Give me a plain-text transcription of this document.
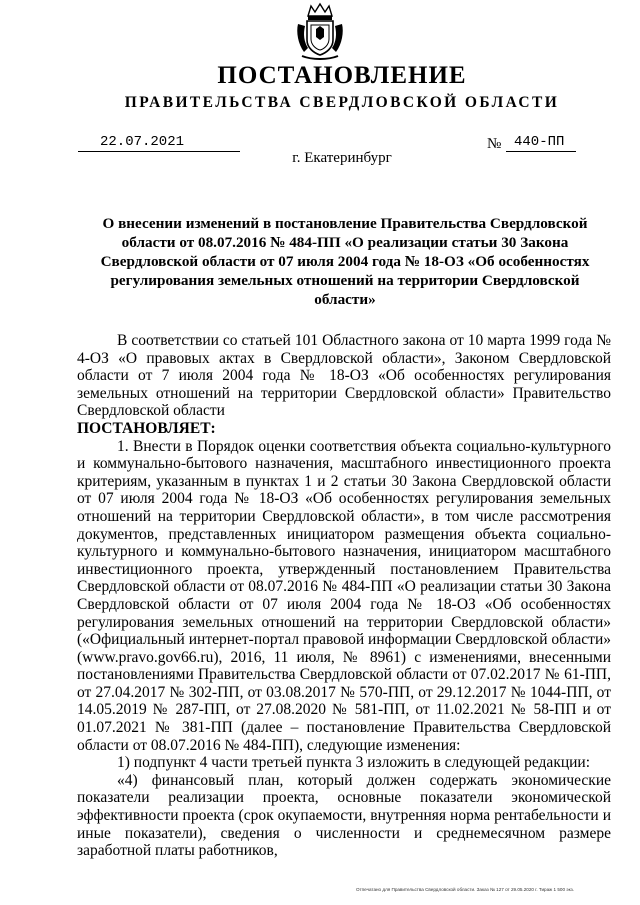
ПОСТАНОВЛЕНИЕ
ПРАВИТЕЛЬСТВА СВЕРДЛОВСКОЙ ОБЛАСТИ
22.07.2021	№ 440-ПП
г. Екатеринбург
О внесении изменений в постановление Правительства Свердловской области от 08.07.2016 № 484-ПП «О реализации статьи 30 Закона Свердловской области от 07 июля 2004 года № 18-ОЗ «Об особенностях регулирования земельных отношений на территории Свердловской области»

В соответствии со статьей 101 Областного закона от 10 марта 1999 года № 4-ОЗ «О правовых актах в Свердловской области», Законом Свердловской области от 7 июля 2004 года № 18-ОЗ «Об особенностях регулирования земельных отношений на территории Свердловской области» Правительство Свердловской области

ПОСТАНОВЛЯЕТ:

1. Внести в Порядок оценки соответствия объекта социально-культурного и коммунально-бытового назначения, масштабного инвестиционного проекта критериям, указанным в пунктах 1 и 2 статьи 30 Закона Свердловской области от 07 июля 2004 года № 18-ОЗ «Об особенностях регулирования земельных отношений на территории Свердловской области», в том числе рассмотрения документов, представленных инициатором размещения объекта социально-культурного и коммунально-бытового назначения, инициатором масштабного инвестиционного проекта, утвержденный постановлением Правительства Свердловской области от 08.07.2016 № 484-ПП «О реализации статьи 30 Закона Свердловской области от 07 июля 2004 года № 18-ОЗ «Об особенностях регулирования земельных отношений на территории Свердловской области» («Официальный интернет-портал правовой информации Свердловской области» (www.pravo.gov66.ru), 2016, 11 июля, № 8961) с изменениями, внесенными постановлениями Правительства Свердловской области от 07.02.2017 № 61-ПП, от 27.04.2017 № 302-ПП, от 03.08.2017 № 570-ПП, от 29.12.2017 № 1044-ПП, от 14.05.2019 № 287-ПП, от 27.08.2020 № 581-ПП, от 11.02.2021 № 58-ПП и от 01.07.2021 № 381-ПП (далее – постановление Правительства Свердловской области от 08.07.2016 № 484-ПП), следующие изменения:

1) подпункт 4 части третьей пункта 3 изложить в следующей редакции:

«4) финансовый план, который должен содержать экономические показатели реализации проекта, основные показатели экономической эффективности проекта (срок окупаемости, внутренняя норма рентабельности и иные показатели), сведения о численности и среднемесячном размере заработной платы работников,

Отпечатано для Правительства Свердловской области. Заказ № 127 от 29.05.2020 г. Тираж 1 500 экз.
